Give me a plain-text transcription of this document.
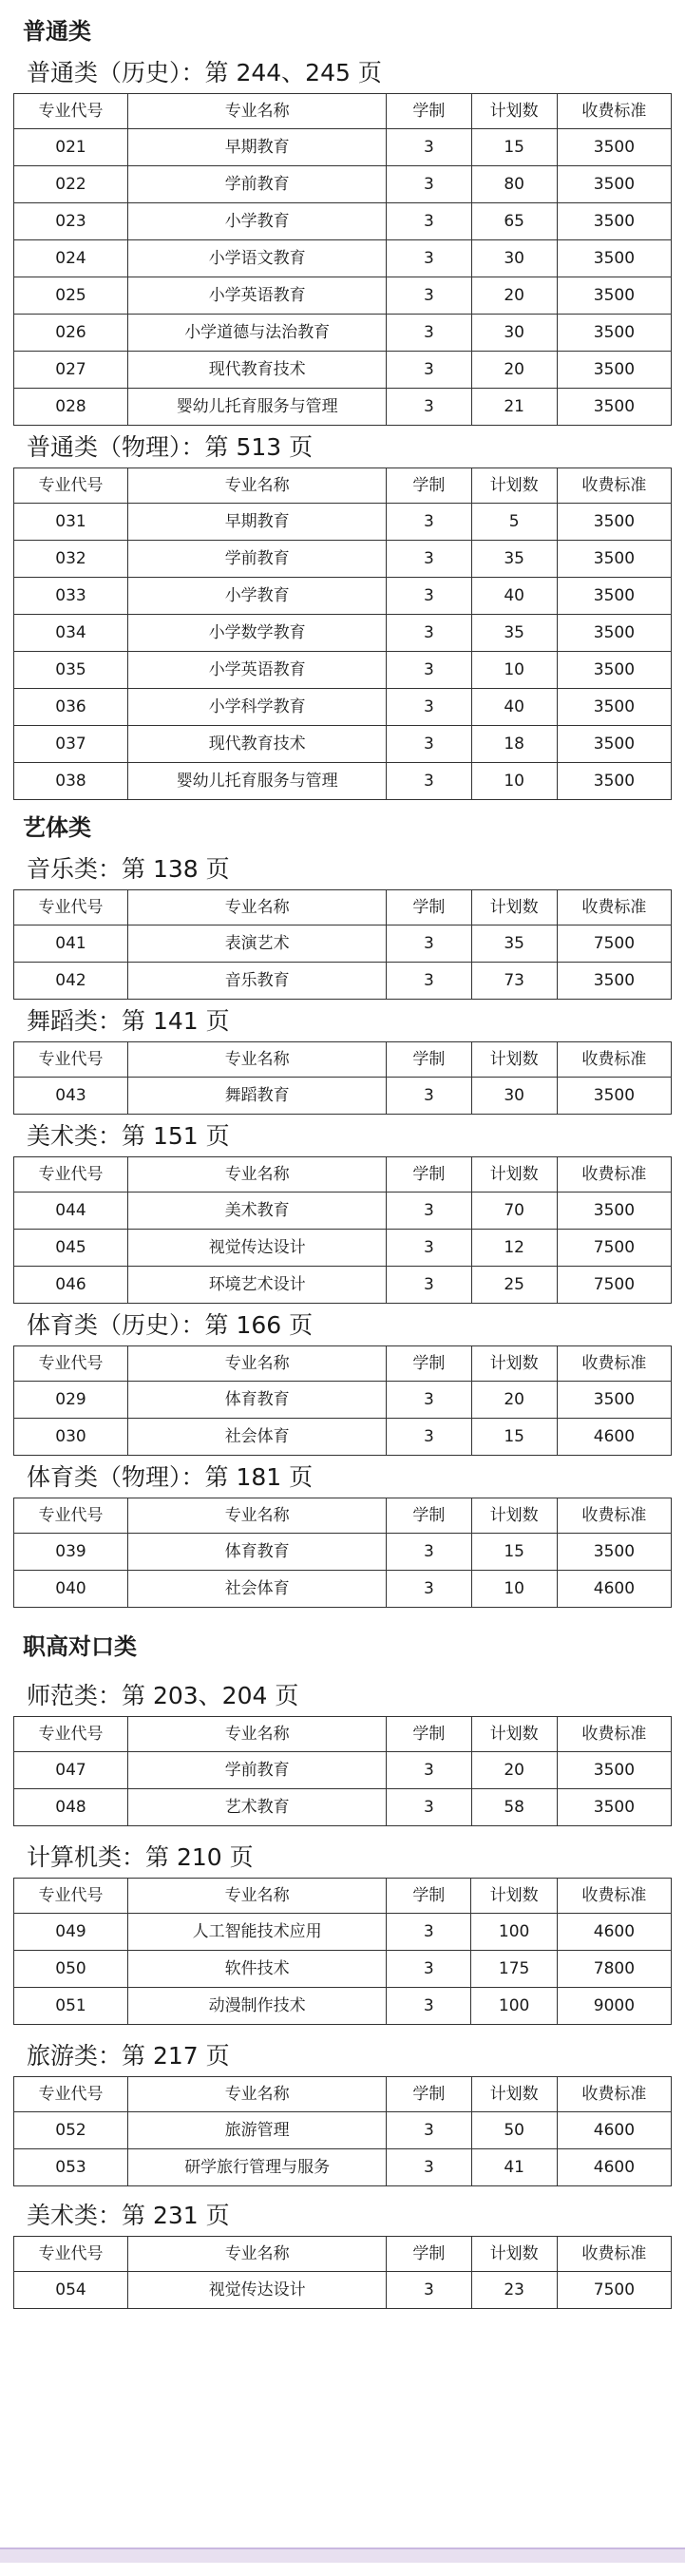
普通类
普通类（历史）：第 244、245 页
专业代号	专业名称	学制	计划数	收费标准
021	早期教育	3	15	3500
022	学前教育	3	80	3500
023	小学教育	3	65	3500
024	小学语文教育	3	30	3500
025	小学英语教育	3	20	3500
026	小学道德与法治教育	3	30	3500
027	现代教育技术	3	20	3500
028	婴幼儿托育服务与管理	3	21	3500
普通类（物理）：第 513 页
专业代号	专业名称	学制	计划数	收费标准
031	早期教育	3	5	3500
032	学前教育	3	35	3500
033	小学教育	3	40	3500
034	小学数学教育	3	35	3500
035	小学英语教育	3	10	3500
036	小学科学教育	3	40	3500
037	现代教育技术	3	18	3500
038	婴幼儿托育服务与管理	3	10	3500
艺体类
音乐类：第 138 页
专业代号	专业名称	学制	计划数	收费标准
041	表演艺术	3	35	7500
042	音乐教育	3	73	3500
舞蹈类：第 141 页
专业代号	专业名称	学制	计划数	收费标准
043	舞蹈教育	3	30	3500
美术类：第 151 页
专业代号	专业名称	学制	计划数	收费标准
044	美术教育	3	70	3500
045	视觉传达设计	3	12	7500
046	环境艺术设计	3	25	7500
体育类（历史）：第 166 页
专业代号	专业名称	学制	计划数	收费标准
029	体育教育	3	20	3500
030	社会体育	3	15	4600
体育类（物理）：第 181 页
专业代号	专业名称	学制	计划数	收费标准
039	体育教育	3	15	3500
040	社会体育	3	10	4600
职高对口类
师范类：第 203、204 页
专业代号	专业名称	学制	计划数	收费标准
047	学前教育	3	20	3500
048	艺术教育	3	58	3500
计算机类：第 210 页
专业代号	专业名称	学制	计划数	收费标准
049	人工智能技术应用	3	100	4600
050	软件技术	3	175	7800
051	动漫制作技术	3	100	9000
旅游类：第 217 页
专业代号	专业名称	学制	计划数	收费标准
052	旅游管理	3	50	4600
053	研学旅行管理与服务	3	41	4600
美术类：第 231 页
专业代号	专业名称	学制	计划数	收费标准
054	视觉传达设计	3	23	7500
